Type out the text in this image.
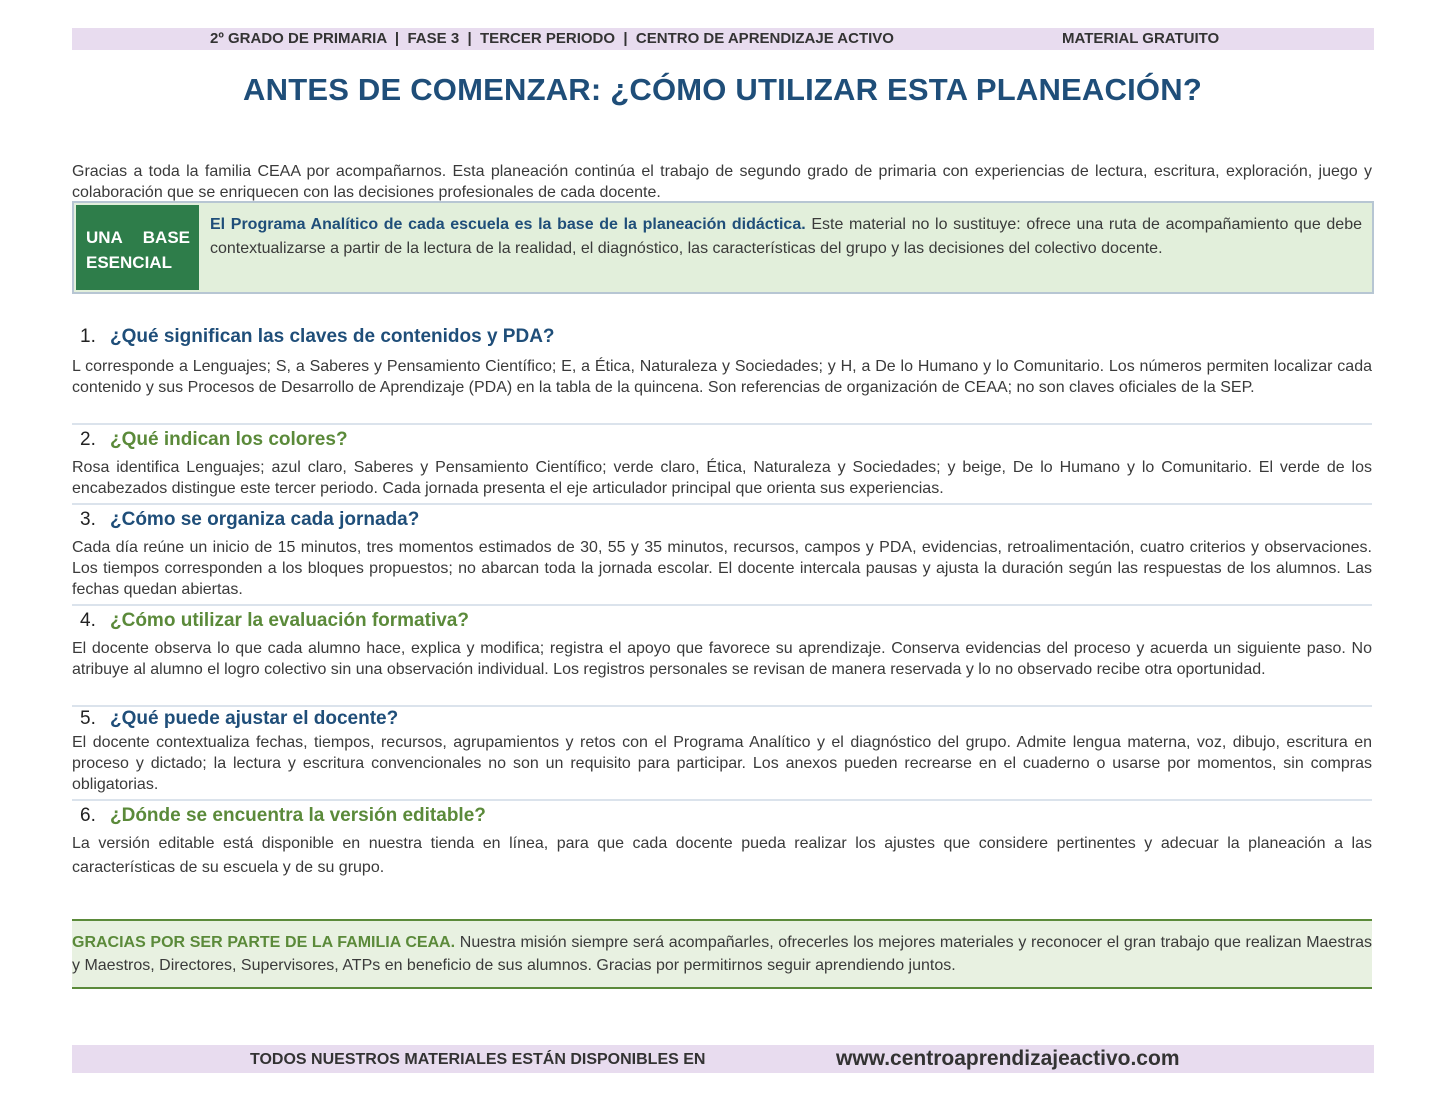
2º GRADO DE PRIMARIA  |  FASE 3  |  TERCER PERIODO  |  CENTRO DE APRENDIZAJE ACTIVO	MATERIAL GRATUITO
ANTES DE COMENZAR: ¿CÓMO UTILIZAR ESTA PLANEACIÓN?
Gracias a toda la familia CEAA por acompañarnos. Esta planeación continúa el trabajo de segundo grado de primaria con experiencias de lectura, escritura, exploración, juego y colaboración que se enriquecen con las decisiones profesionales de cada docente.
UNA BASE
ESENCIAL
El Programa Analítico de cada escuela es la base de la planeación didáctica. Este material no lo sustituye: ofrece una ruta de acompañamiento que debe contextualizarse a partir de la lectura de la realidad, el diagnóstico, las características del grupo y las decisiones del colectivo docente.
1. ¿Qué significan las claves de contenidos y PDA?
L corresponde a Lenguajes; S, a Saberes y Pensamiento Científico; E, a Ética, Naturaleza y Sociedades; y H, a De lo Humano y lo Comunitario. Los números permiten localizar cada contenido y sus Procesos de Desarrollo de Aprendizaje (PDA) en la tabla de la quincena. Son referencias de organización de CEAA; no son claves oficiales de la SEP.
2. ¿Qué indican los colores?
Rosa identifica Lenguajes; azul claro, Saberes y Pensamiento Científico; verde claro, Ética, Naturaleza y Sociedades; y beige, De lo Humano y lo Comunitario. El verde de los encabezados distingue este tercer periodo. Cada jornada presenta el eje articulador principal que orienta sus experiencias.
3. ¿Cómo se organiza cada jornada?
Cada día reúne un inicio de 15 minutos, tres momentos estimados de 30, 55 y 35 minutos, recursos, campos y PDA, evidencias, retroalimentación, cuatro criterios y observaciones. Los tiempos corresponden a los bloques propuestos; no abarcan toda la jornada escolar. El docente intercala pausas y ajusta la duración según las respuestas de los alumnos. Las fechas quedan abiertas.
4. ¿Cómo utilizar la evaluación formativa?
El docente observa lo que cada alumno hace, explica y modifica; registra el apoyo que favorece su aprendizaje. Conserva evidencias del proceso y acuerda un siguiente paso. No atribuye al alumno el logro colectivo sin una observación individual. Los registros personales se revisan de manera reservada y lo no observado recibe otra oportunidad.
5. ¿Qué puede ajustar el docente?
El docente contextualiza fechas, tiempos, recursos, agrupamientos y retos con el Programa Analítico y el diagnóstico del grupo. Admite lengua materna, voz, dibujo, escritura en proceso y dictado; la lectura y escritura convencionales no son un requisito para participar. Los anexos pueden recrearse en el cuaderno o usarse por momentos, sin compras obligatorias.
6. ¿Dónde se encuentra la versión editable?
La versión editable está disponible en nuestra tienda en línea, para que cada docente pueda realizar los ajustes que considere pertinentes y adecuar la planeación a las características de su escuela y de su grupo.
GRACIAS POR SER PARTE DE LA FAMILIA CEAA. Nuestra misión siempre será acompañarles, ofrecerles los mejores materiales y reconocer el gran trabajo que realizan Maestras y Maestros, Directores, Supervisores, ATPs en beneficio de sus alumnos. Gracias por permitirnos seguir aprendiendo juntos.
TODOS NUESTROS MATERIALES ESTÁN DISPONIBLES EN	www.centroaprendizajeactivo.com
